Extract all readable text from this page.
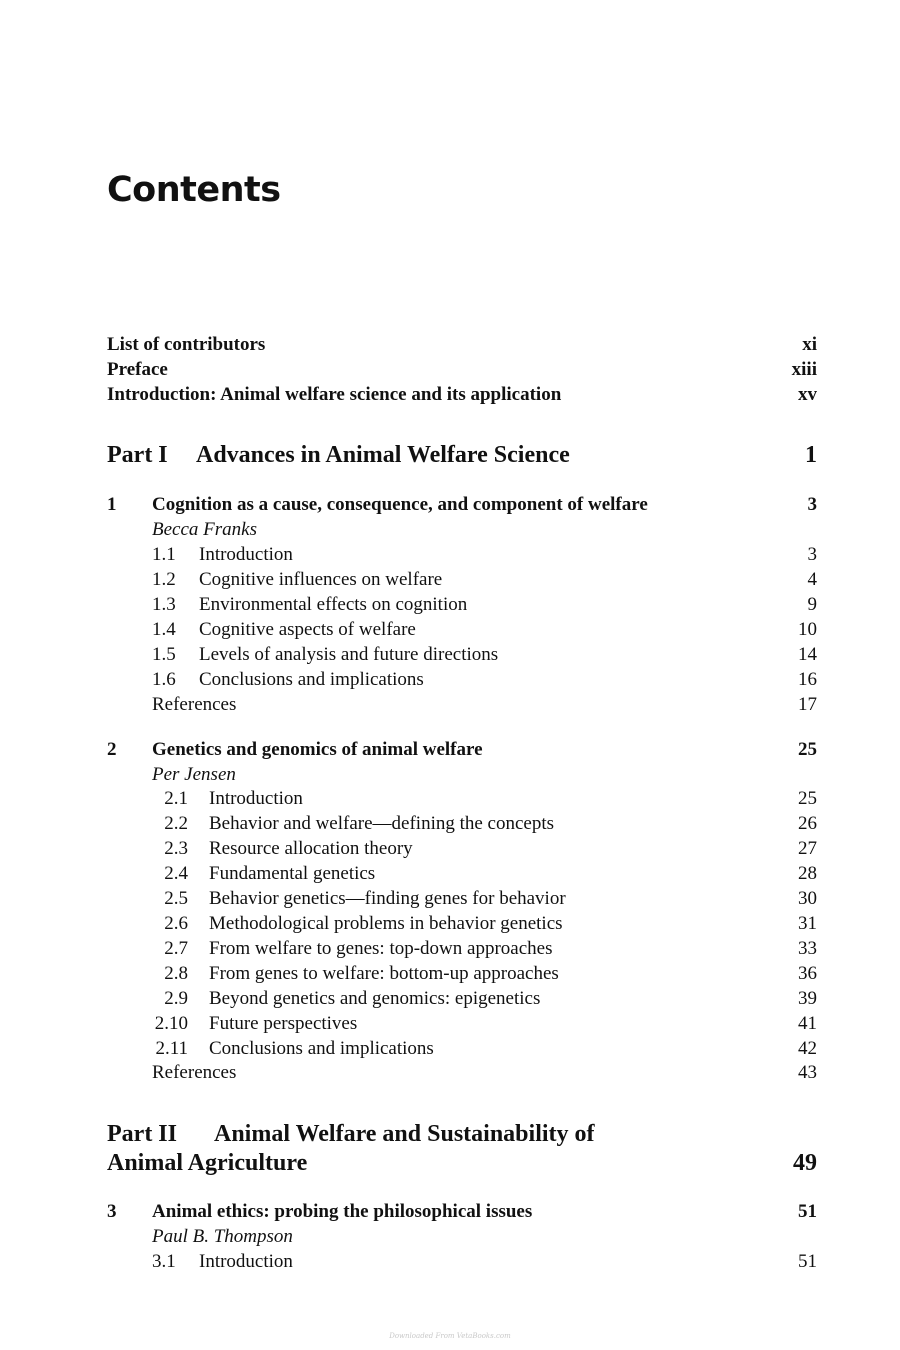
Contents
List of contributors	xi
Preface	xiii
Introduction: Animal welfare science and its application	xv
Part I Advances in Animal Welfare Science	1
1 Cognition as a cause, consequence, and component of welfare	3
Becca Franks
1.1 Introduction	3
1.2 Cognitive influences on welfare	4
1.3 Environmental effects on cognition	9
1.4 Cognitive aspects of welfare	10
1.5 Levels of analysis and future directions	14
1.6 Conclusions and implications	16
References	17
2 Genetics and genomics of animal welfare	25
Per Jensen
2.1 Introduction	25
2.2 Behavior and welfare—defining the concepts	26
2.3 Resource allocation theory	27
2.4 Fundamental genetics	28
2.5 Behavior genetics—finding genes for behavior	30
2.6 Methodological problems in behavior genetics	31
2.7 From welfare to genes: top-down approaches	33
2.8 From genes to welfare: bottom-up approaches	36
2.9 Beyond genetics and genomics: epigenetics	39
2.10 Future perspectives	41
2.11 Conclusions and implications	42
References	43
Part II Animal Welfare and Sustainability of
Animal Agriculture	49
3 Animal ethics: probing the philosophical issues	51
Paul B. Thompson
3.1 Introduction	51
Downloaded From VetaBooks.com
